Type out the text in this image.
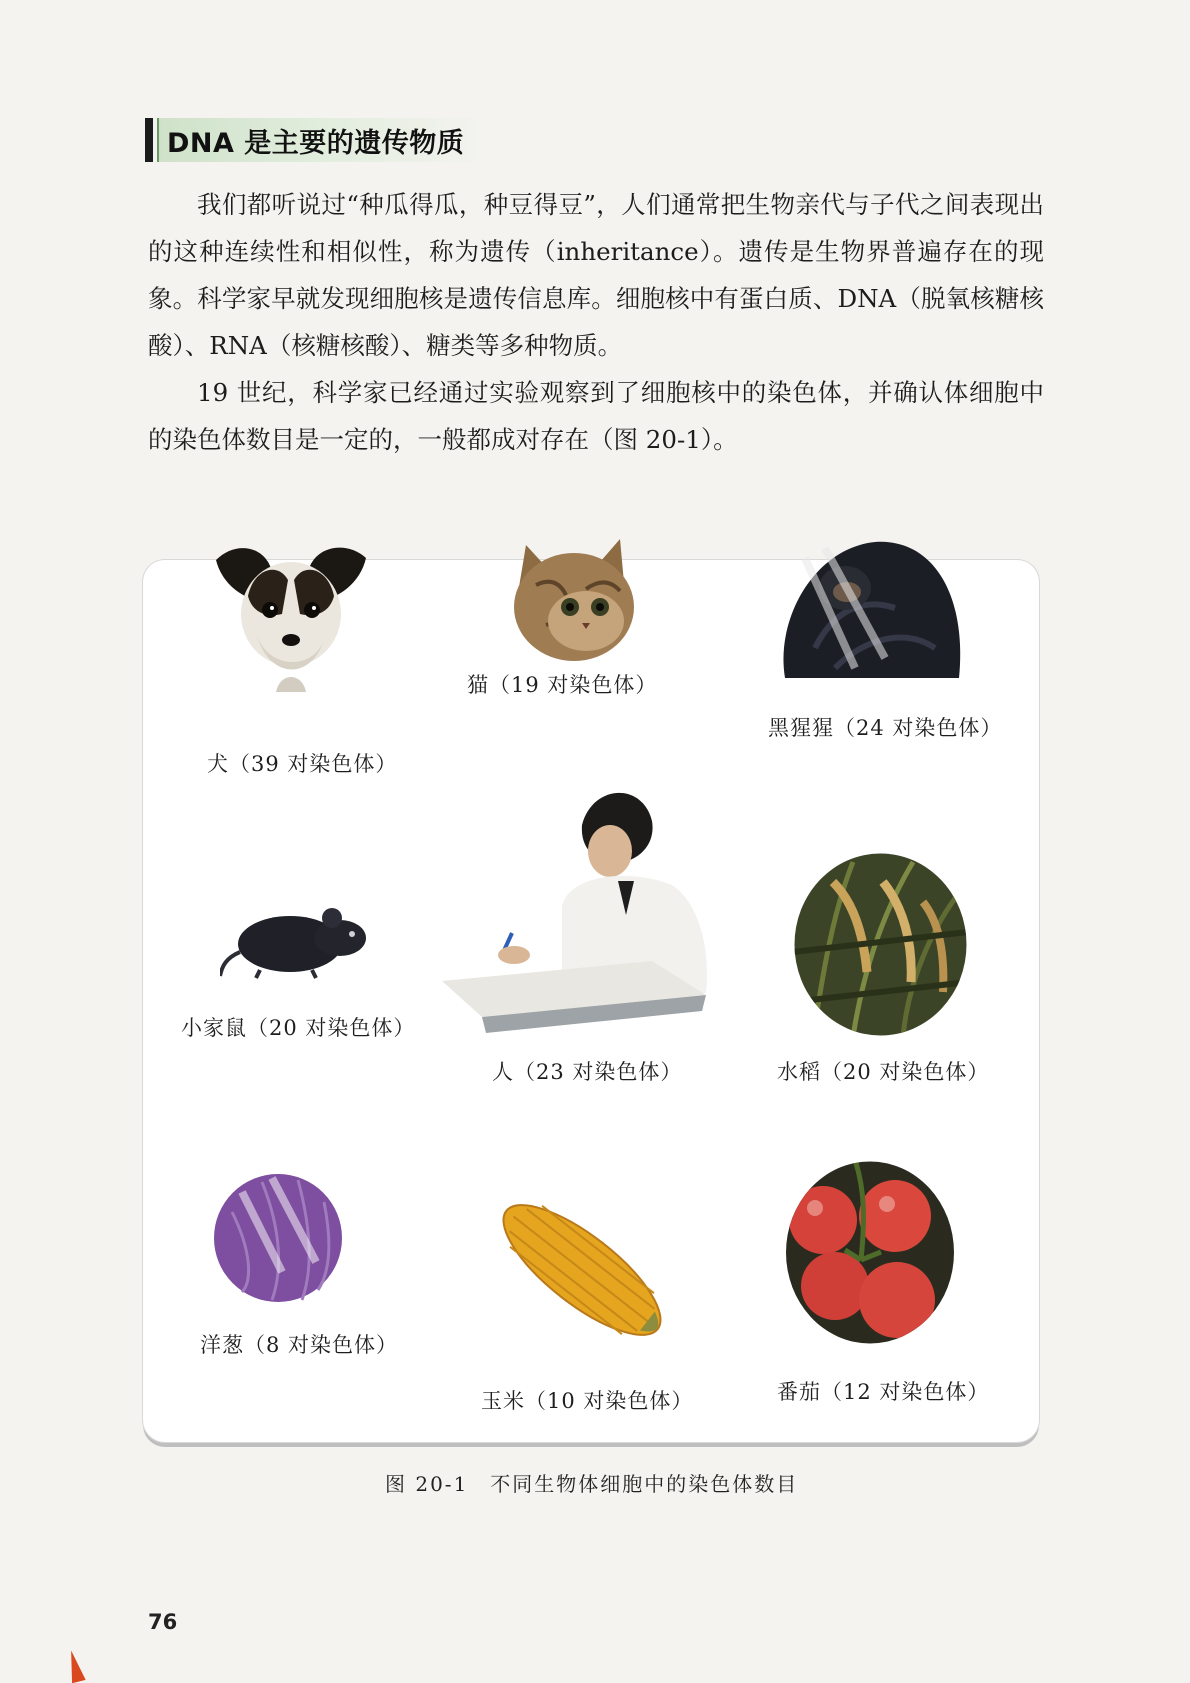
DNA 是主要的遗传物质

我们都听说过“种瓜得瓜，种豆得豆”，人们通常把生物亲代与子代之间表现出的这种连续性和相似性，称为遗传（inheritance）。遗传是生物界普遍存在的现象。科学家早就发现细胞核是遗传信息库。细胞核中有蛋白质、DNA（脱氧核糖核酸）、RNA（核糖核酸）、糖类等多种物质。

19 世纪，科学家已经通过实验观察到了细胞核中的染色体，并确认体细胞中的染色体数目是一定的，一般都成对存在（图 20-1）。

犬（39 对染色体）
猫（19 对染色体）
黑猩猩（24 对染色体）
小家鼠（20 对染色体）
人（23 对染色体）	水稻（20 对染色体）
洋葱（8 对染色体）
玉米（10 对染色体）	番茄（12 对染色体）
图 20-1　不同生物体细胞中的染色体数目
76
